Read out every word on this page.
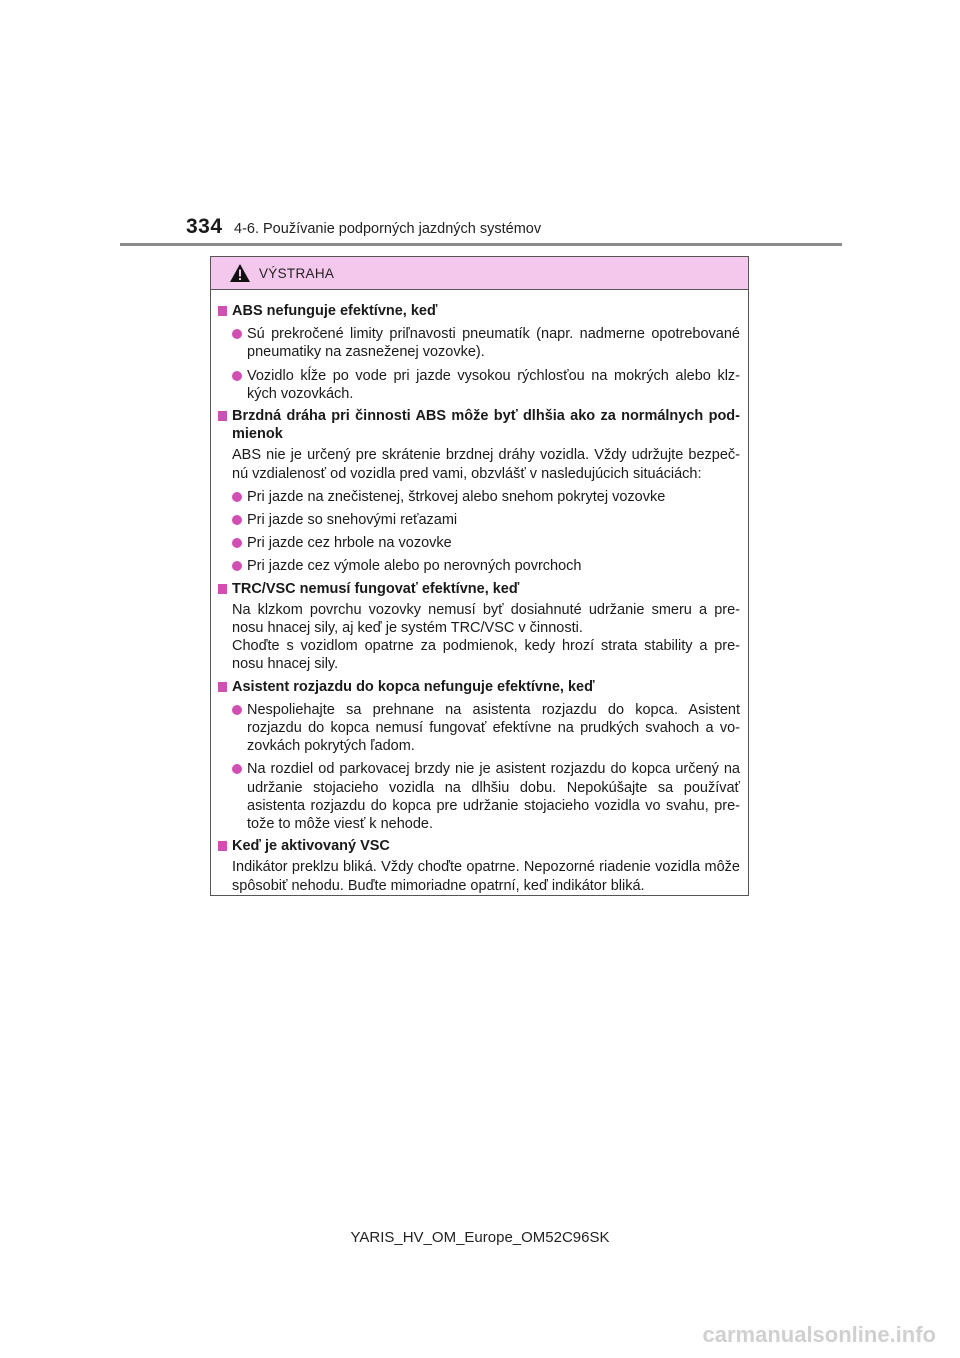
334 4-6. Používanie podporných jazdných systémov
VÝSTRAHA
ABS nefunguje efektívne, keď
Sú prekročené limity priľnavosti pneumatík (napr. nadmerne opotrebované pneumatiky na zasneženej vozovke).
Vozidlo kĺže po vode pri jazde vysokou rýchlosťou na mokrých alebo klz-kých vozovkách.
Brzdná dráha pri činnosti ABS môže byť dlhšia ako za normálnych pod-mienok
ABS nie je určený pre skrátenie brzdnej dráhy vozidla. Vždy udržujte bezpeč-nú vzdialenosť od vozidla pred vami, obzvlášť v nasledujúcich situáciách:
Pri jazde na znečistenej, štrkovej alebo snehom pokrytej vozovke
Pri jazde so snehovými reťazami
Pri jazde cez hrbole na vozovke
Pri jazde cez výmole alebo po nerovných povrchoch
TRC/VSC nemusí fungovať efektívne, keď
Na klzkom povrchu vozovky nemusí byť dosiahnuté udržanie smeru a pre-nosu hnacej sily, aj keď je systém TRC/VSC v činnosti.
Choďte s vozidlom opatrne za podmienok, kedy hrozí strata stability a pre-nosu hnacej sily.
Asistent rozjazdu do kopca nefunguje efektívne, keď
Nespoliehajte sa prehnane na asistenta rozjazdu do kopca. Asistent rozjazdu do kopca nemusí fungovať efektívne na prudkých svahoch a vo-zovkách pokrytých ľadom.
Na rozdiel od parkovacej brzdy nie je asistent rozjazdu do kopca určený na udržanie stojacieho vozidla na dlhšiu dobu. Nepokúšajte sa používať asistenta rozjazdu do kopca pre udržanie stojacieho vozidla vo svahu, pre-tože to môže viesť k nehode.
Keď je aktivovaný VSC
Indikátor preklzu bliká. Vždy choďte opatrne. Nepozorné riadenie vozidla môže spôsobiť nehodu. Buďte mimoriadne opatrní, keď indikátor bliká.
YARIS_HV_OM_Europe_OM52C96SK
carmanualsonline.info
